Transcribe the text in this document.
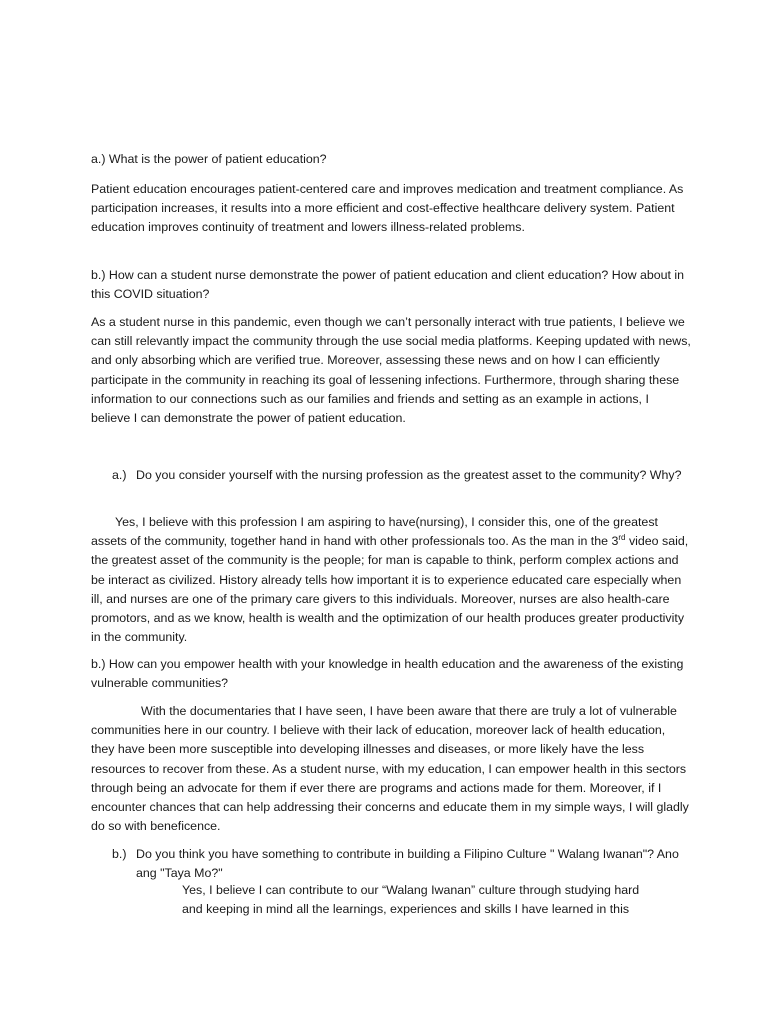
a.) What is the power of patient education?

Patient education encourages patient-centered care and improves medication and treatment compliance. As participation increases, it results into a more efficient and cost-effective healthcare delivery system. Patient education improves continuity of treatment and lowers illness-related problems.

b.) How can a student nurse demonstrate the power of patient education and client education? How about in this COVID situation?

As a student nurse in this pandemic, even though we can’t personally interact with true patients, I believe we can still relevantly impact the community through the use social media platforms. Keeping updated with news, and only absorbing which are verified true. Moreover, assessing these news and on how I can efficiently participate in the community in reaching its goal of lessening infections. Furthermore, through sharing these information to our connections such as our families and friends and setting as an example in actions, I believe I can demonstrate the power of patient education.

a.) Do you consider yourself with the nursing profession as the greatest asset to the community? Why?

Yes, I believe with this profession I am aspiring to have(nursing), I consider this, one of the greatest assets of the community, together hand in hand with other professionals too. As the man in the 3rd video said, the greatest asset of the community is the people; for man is capable to think, perform complex actions and be interact as civilized. History already tells how important it is to experience educated care especially when ill, and nurses are one of the primary care givers to this individuals. Moreover, nurses are also health-care promotors, and as we know, health is wealth and the optimization of our health produces greater productivity in the community.

b.) How can you empower health with your knowledge in health education and the awareness of the existing vulnerable communities?

With the documentaries that I have seen, I have been aware that there are truly a lot of vulnerable communities here in our country. I believe with their lack of education, moreover lack of health education, they have been more susceptible into developing illnesses and diseases, or more likely have the less resources to recover from these. As a student nurse, with my education, I can empower health in this sectors through being an advocate for them if ever there are programs and actions made for them. Moreover, if I encounter chances that can help addressing their concerns and educate them in my simple ways, I will gladly do so with beneficence.

b.) Do you think you have something to contribute in building a Filipino Culture " Walang Iwanan"? Ano ang "Taya Mo?"

Yes, I believe I can contribute to our “Walang Iwanan” culture through studying hard and keeping in mind all the learnings, experiences and skills I have learned in this
